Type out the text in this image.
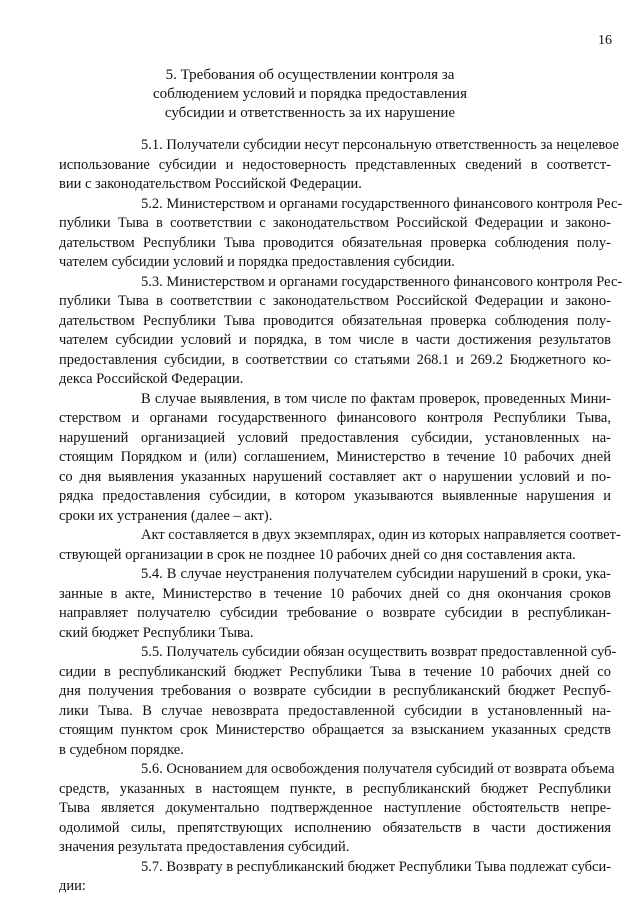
16
5. Требования об осуществлении контроля за
соблюдением условий и порядка предоставления
субсидии и ответственность за их нарушение
5.1. Получатели субсидии несут персональную ответственность за нецелевое
использование субсидии и недостоверность представленных сведений в соответст-
вии с законодательством Российской Федерации.
5.2. Министерством и органами государственного финансового контроля Рес-
публики Тыва в соответствии с законодательством Российской Федерации и законо-
дательством Республики Тыва проводится обязательная проверка соблюдения полу-
чателем субсидии условий и порядка предоставления субсидии.
5.3. Министерством и органами государственного финансового контроля Рес-
публики Тыва в соответствии с законодательством Российской Федерации и законо-
дательством Республики Тыва проводится обязательная проверка соблюдения полу-
чателем субсидии условий и порядка, в том числе в части достижения результатов
предоставления субсидии, в соответствии со статьями 268.1 и 269.2 Бюджетного ко-
декса Российской Федерации.
В случае выявления, в том числе по фактам проверок, проведенных Мини-
стерством и органами государственного финансового контроля Республики Тыва,
нарушений организацией условий предоставления субсидии, установленных на-
стоящим Порядком и (или) соглашением, Министерство в течение 10 рабочих дней
со дня выявления указанных нарушений составляет акт о нарушении условий и по-
рядка предоставления субсидии, в котором указываются выявленные нарушения и
сроки их устранения (далее – акт).
Акт составляется в двух экземплярах, один из которых направляется соответ-
ствующей организации в срок не позднее 10 рабочих дней со дня составления акта.
5.4. В случае неустранения получателем субсидии нарушений в сроки, ука-
занные в акте, Министерство в течение 10 рабочих дней со дня окончания сроков
направляет получателю субсидии требование о возврате субсидии в республикан-
ский бюджет Республики Тыва.
5.5. Получатель субсидии обязан осуществить возврат предоставленной суб-
сидии в республиканский бюджет Республики Тыва в течение 10 рабочих дней со
дня получения требования о возврате субсидии в республиканский бюджет Респуб-
лики Тыва. В случае невозврата предоставленной субсидии в установленный на-
стоящим пунктом срок Министерство обращается за взысканием указанных средств
в судебном порядке.
5.6. Основанием для освобождения получателя субсидий от возврата объема
средств, указанных в настоящем пункте, в республиканский бюджет Республики
Тыва является документально подтвержденное наступление обстоятельств непре-
одолимой силы, препятствующих исполнению обязательств в части достижения
значения результата предоставления субсидий.
5.7. Возврату в республиканский бюджет Республики Тыва подлежат субси-
дии:
